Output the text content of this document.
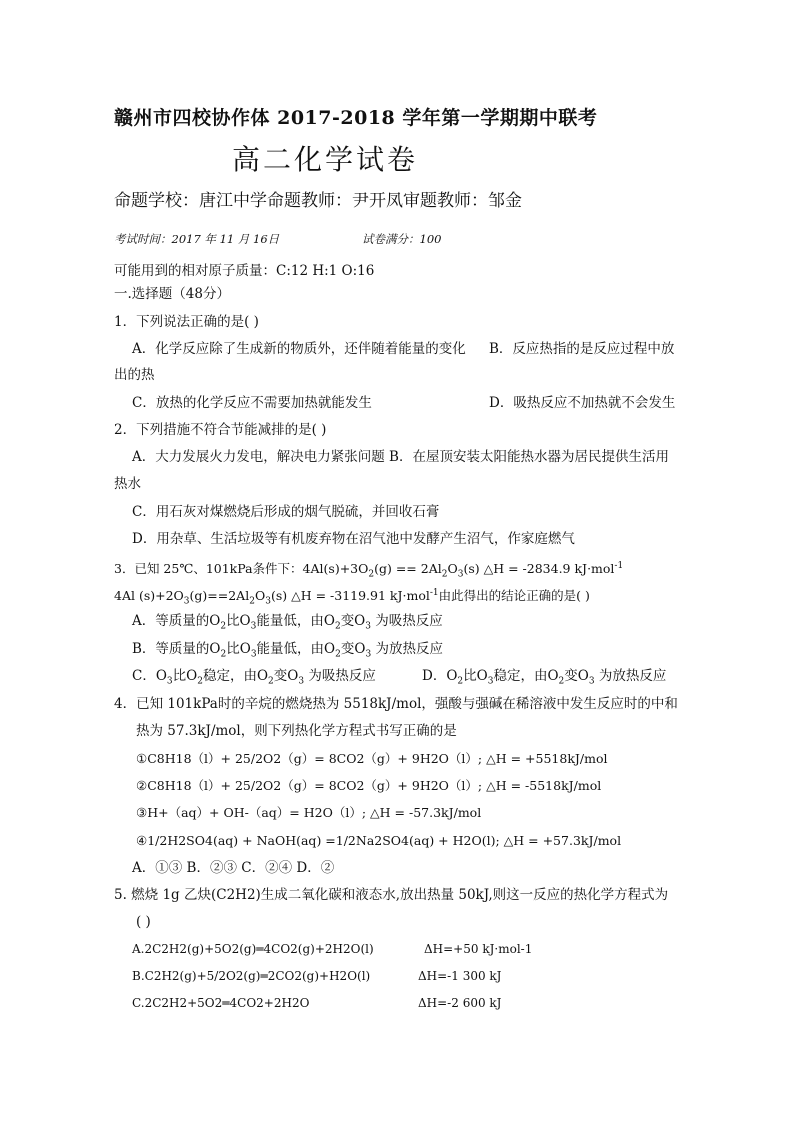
赣州市四校协作体 2017-2018 学年第一学期期中联考
高二化学试卷
命题学校：唐江中学命题教师：尹开凤审题教师：邹金
考试时间：2017 年 11 月 16日	试卷满分：100
可能用到的相对原子质量：C:12 H:1 O:16
一.选择题（48分）
1．下列说法正确的是( )
A．化学反应除了生成新的物质外，还伴随着能量的变化 B．反应热指的是反应过程中放
出的热
C．放热的化学反应不需要加热就能发生	D．吸热反应不加热就不会发生
2．下列措施不符合节能减排的是( )
A．大力发展火力发电，解决电力紧张问题 B．在屋顶安装太阳能热水器为居民提供生活用
热水
C．用石灰对煤燃烧后形成的烟气脱硫，并回收石膏
D．用杂草、生活垃圾等有机废弃物在沼气池中发酵产生沼气，作家庭燃气
3．已知 25℃、101kPa条件下：$4Al(s)+3O_2(g) == 2Al_2O_3(s)$ △H = -2834.9 kJ·mol$^{-1}$
4Al $(s)+2O_3(g)==2Al_2O_3(s)$ △H = -3119.91 kJ·mol$^{-1}$由此得出的结论正确的是( )
A．等质量的$O_2$比$O_3$能量低，由$O_2$变$O_3$ 为吸热反应
B．等质量的$O_2$比$O_3$能量低，由$O_2$变$O_3$ 为放热反应
C．$O_3$比$O_2$稳定，由$O_2$变$O_3$ 为吸热反应	D．$O_2$比$O_3$稳定，由$O_2$变$O_3$ 为放热反应
4．已知 101kPa时的辛烷的燃烧热为 5518kJ/mol，强酸与强碱在稀溶液中发生反应时的中和
热为 57.3kJ/mol，则下列热化学方程式书写正确的是
①C8H18（l）+ 25/2O2（g）= 8CO2（g）+ 9H2O（l）; △H = +5518kJ/mol
②C8H18（l）+ 25/2O2（g）= 8CO2（g）+ 9H2O（l）; △H = -5518kJ/mol
③H+（aq）+ OH-（aq）= H2O（l）; △H = -57.3kJ/mol
④1/2H2SO4(aq) + NaOH(aq) =1/2Na2SO4(aq) + H2O(l); △H = +57.3kJ/mol
A．①③ B．②③ C．②④ D．②
5. 燃烧 1g 乙炔(C2H2)生成二氧化碳和液态水,放出热量 50kJ,则这一反应的热化学方程式为
( )
A.2C2H2(g)+5O2(g)═4CO2(g)+2H2O(l)	ΔH=+50 kJ·mol-1
B.C2H2(g)+5/2O2(g)═2CO2(g)+H2O(l)	ΔH=-1 300 kJ
C.2C2H2+5O2═4CO2+2H2O	ΔH=-2 600 kJ
